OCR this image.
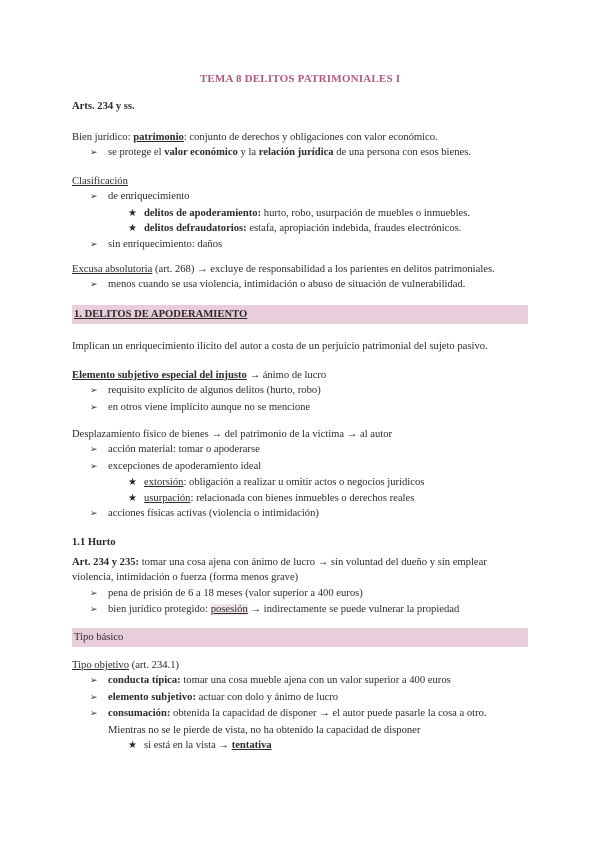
TEMA 8 DELITOS PATRIMONIALES I
Arts. 234 y ss.
Bien jurídico: patrimonio: conjunto de derechos y obligaciones con valor económico.
➢ se protege el valor económico y la relación jurídica de una persona con esos bienes.
Clasificación
➢ de enriquecimiento
★ delitos de apoderamiento: hurto, robo, usurpación de muebles o inmuebles.
★ delitos defraudatorios: estafa, apropiación indebida, fraudes electrónicos.
➢ sin enriquecimiento: daños
Excusa absolutoria (art. 268) → excluye de responsabilidad a los parientes en delitos patrimoniales.
➢ menos cuando se usa violencia, intimidación o abuso de situación de vulnerabilidad.
1. DELITOS DE APODERAMIENTO
Implican un enriquecimiento ilícito del autor a costa de un perjuicio patrimonial del sujeto pasivo.
Elemento subjetivo especial del injusto → ánimo de lucro
➢ requisito explícito de algunos delitos (hurto, robo)
➢ en otros viene implícito aunque no se mencione
Desplazamiento físico de bienes → del patrimonio de la víctima → al autor
➢ acción material: tomar o apoderarse
➢ excepciones de apoderamiento ideal
★ extorsión: obligación a realizar u omitir actos o negocios jurídicos
★ usurpación: relacionada con bienes inmuebles o derechos reales
➢ acciones físicas activas (violencia o intimidación)
1.1 Hurto
Art. 234 y 235: tomar una cosa ajena con ánimo de lucro → sin voluntad del dueño y sin emplear
violencia, intimidación o fuerza (forma menos grave)
➢ pena de prisión de 6 a 18 meses (valor superior a 400 euros)
➢ bien jurídico protegido: posesión → indirectamente se puede vulnerar la propiedad
Tipo básico
Tipo objetivo (art. 234.1)
➢ conducta típica: tomar una cosa mueble ajena con un valor superior a 400 euros
➢ elemento subjetivo: actuar con dolo y ánimo de lucro
➢ consumación: obtenida la capacidad de disponer → el autor puede pasarle la cosa a otro.
Mientras no se le pierde de vista, no ha obtenido la capacidad de disponer
★ si está en la vista → tentativa
